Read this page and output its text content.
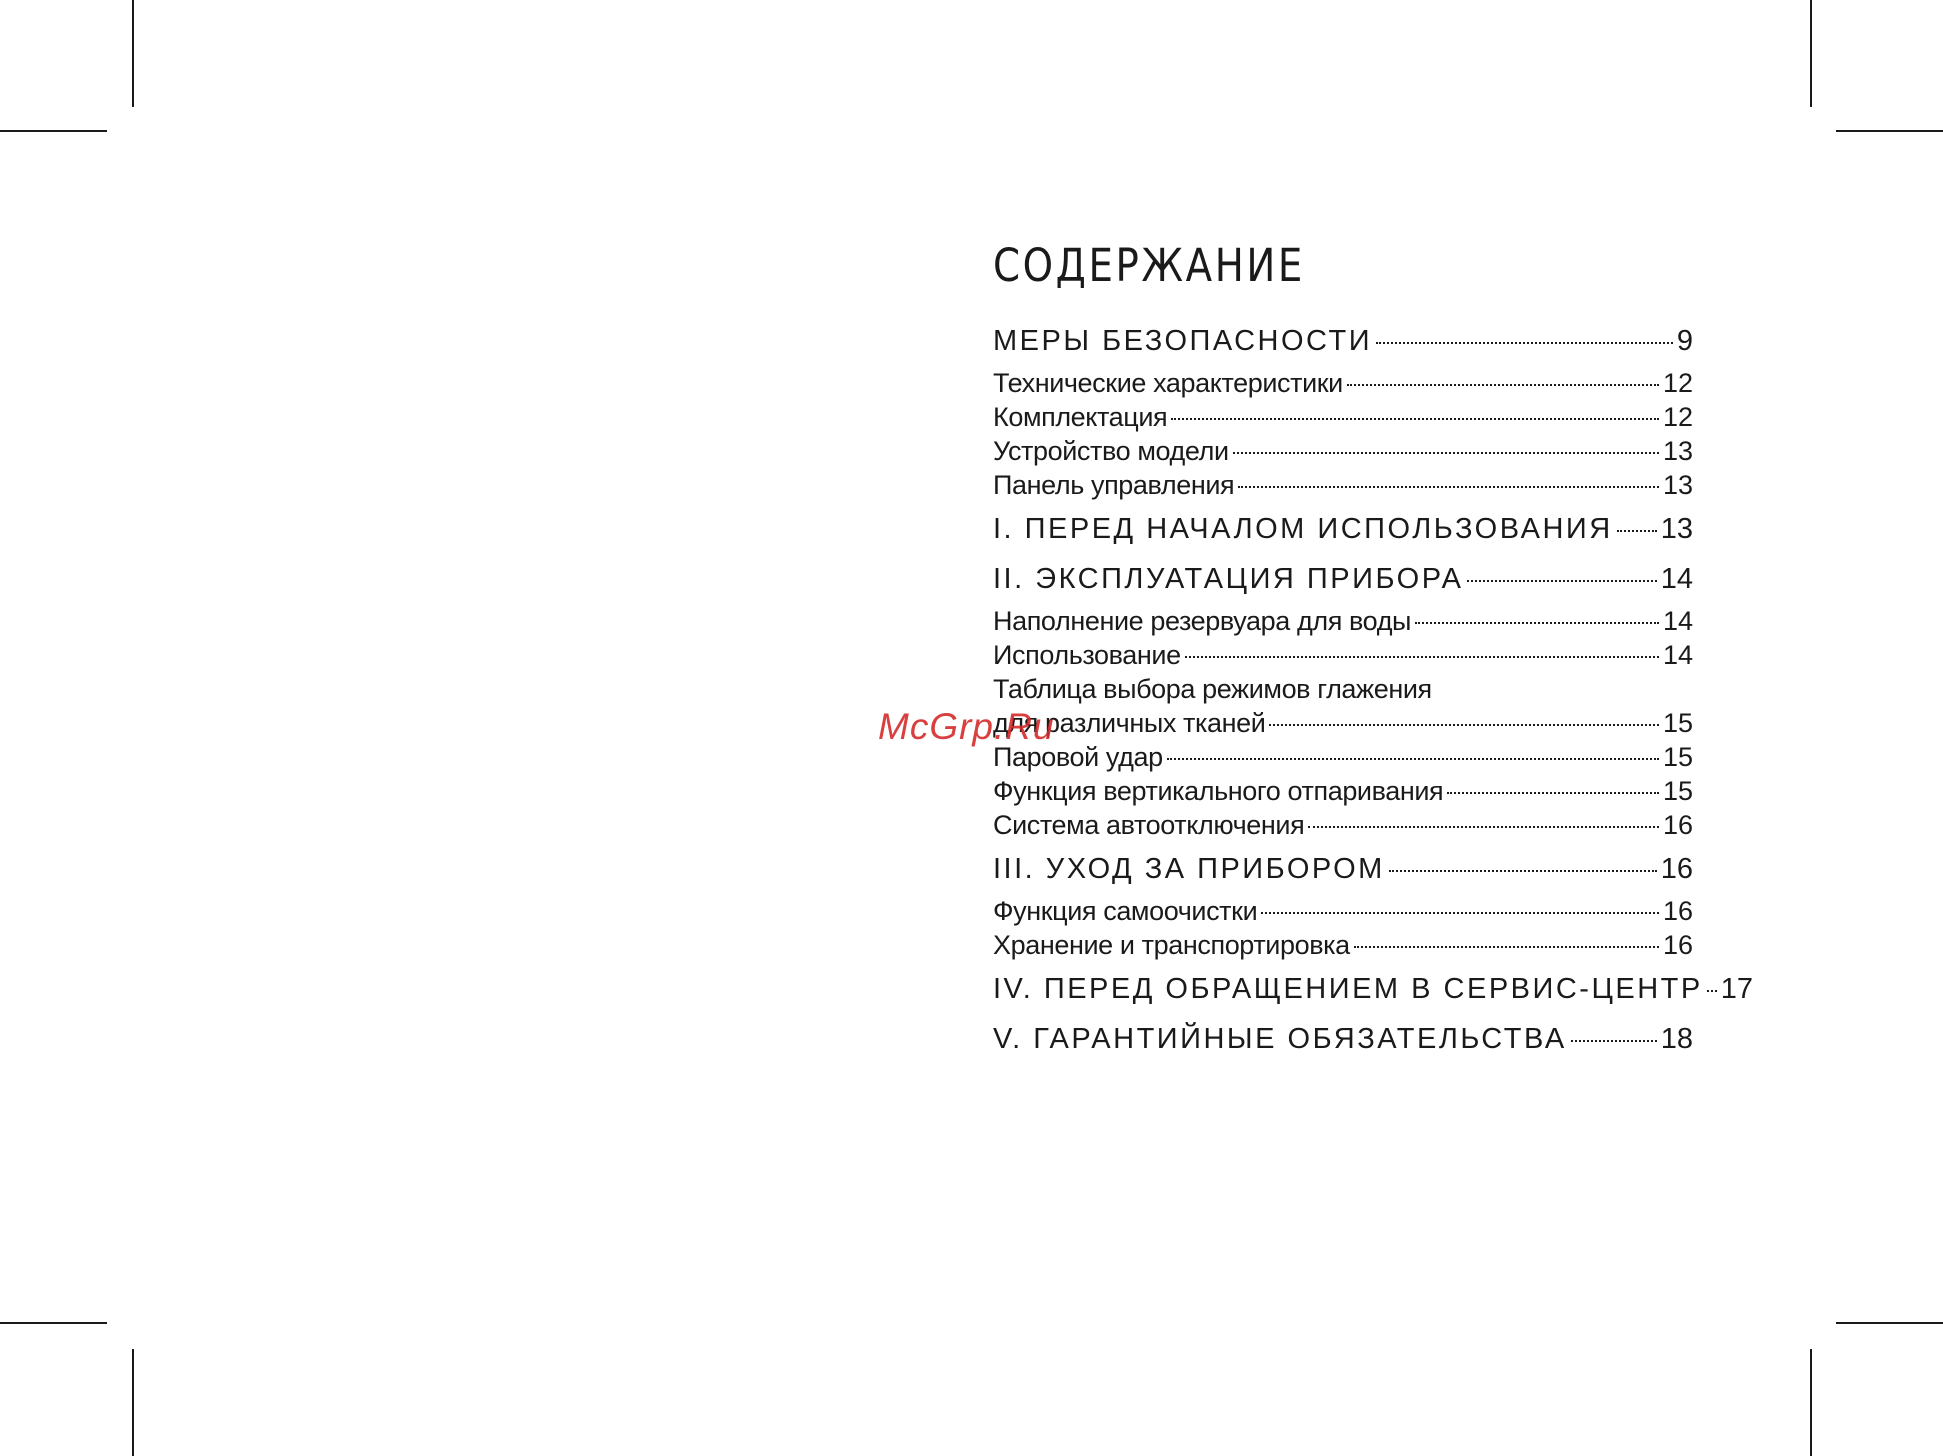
СОДЕРЖАНИЕ
МЕРЫ БЕЗОПАСНОСТИ	9
Технические характеристики	12
Комплектация	12
Устройство модели	13
Панель управления	13
I. ПЕРЕД НАЧАЛОМ ИСПОЛЬЗОВАНИЯ 13
II. ЭКСПЛУАТАЦИЯ ПРИБОРА	14
Наполнение резервуара для воды	14
Использование	14
Таблица выбора режимов глажения
для различных тканей	15
Паровой удар	15
Функция вертикального отпаривания	15
Система автоотключения	16
III. УХОД ЗА ПРИБОРОМ	16
Функция самоочистки	16
Хранение и транспортировка	16
IV. ПЕРЕД ОБРАЩЕНИЕМ В СЕРВИС-ЦЕНТР 17
V. ГАРАНТИЙНЫЕ ОБЯЗАТЕЛЬСТВА	18
McGrp.Ru
